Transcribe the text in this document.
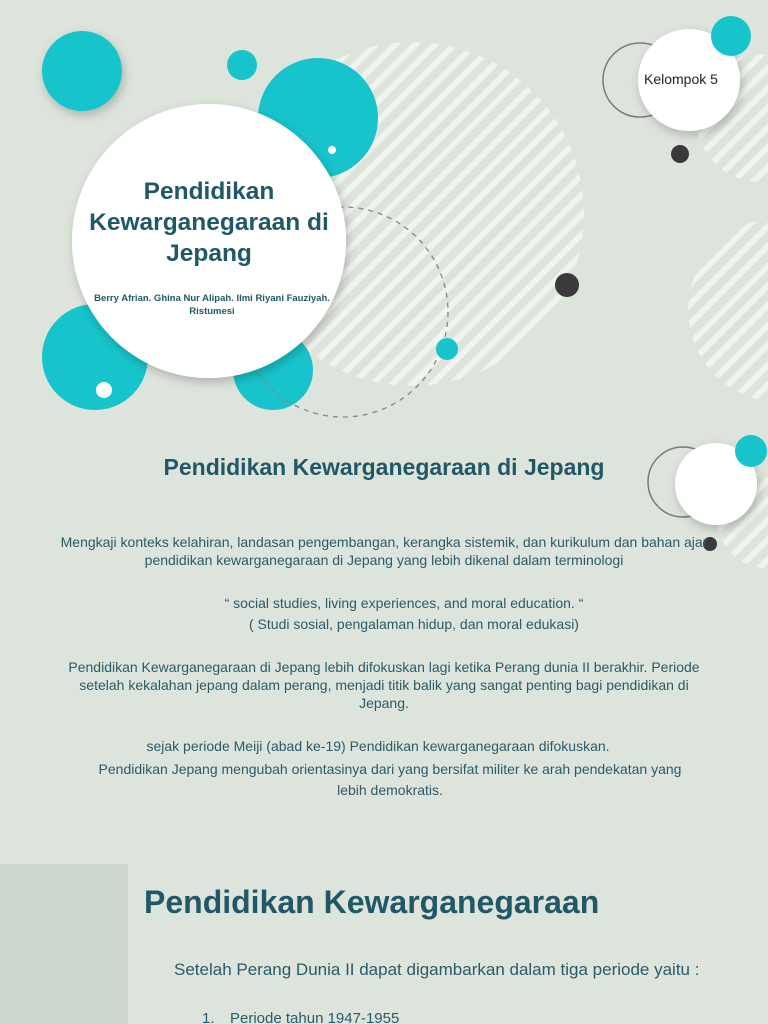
Pendidikan Kewarganegaraan di Jepang
Berry Afrian. Ghina Nur Alipah. Ilmi Riyani Fauziyah. Ristumesi
Kelompok 5
Pendidikan Kewarganegaraan di Jepang
Mengkaji konteks kelahiran, landasan pengembangan, kerangka sistemik, dan kurikulum dan bahan ajar pendidikan kewarganegaraan di Jepang yang lebih dikenal dalam terminologi
“ social studies, living experiences, and moral education. “
( Studi sosial, pengalaman hidup, dan moral edukasi)
Pendidikan Kewarganegaraan di Jepang lebih difokuskan lagi ketika Perang dunia II berakhir. Periode setelah kekalahan jepang dalam perang, menjadi titik balik yang sangat penting bagi pendidikan di Jepang.
sejak periode Meiji (abad ke-19) Pendidikan kewarganegaraan difokuskan.
Pendidikan Jepang mengubah orientasinya dari yang bersifat militer ke arah pendekatan yang lebih demokratis.
Pendidikan Kewarganegaraan
Setelah Perang Dunia II dapat digambarkan dalam tiga periode yaitu :
1. Periode tahun 1947-1955
